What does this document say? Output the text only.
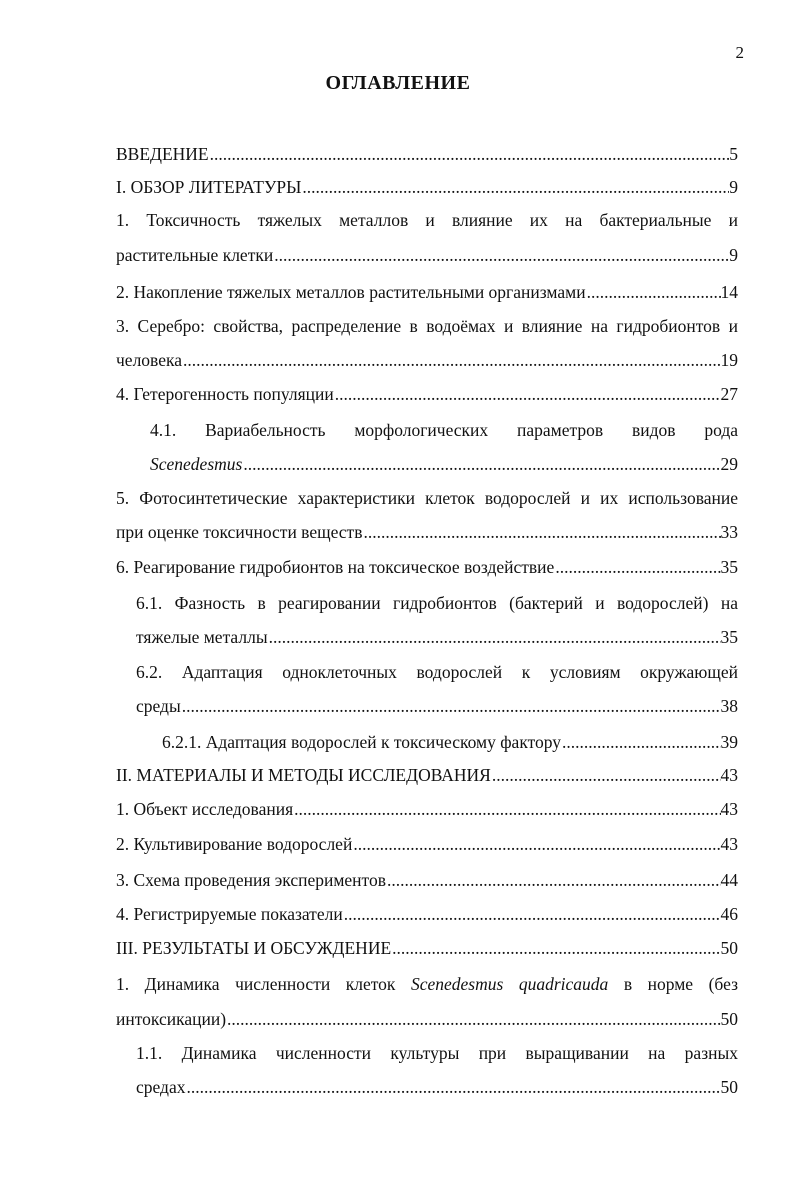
2
ОГЛАВЛЕНИЕ
ВВЕДЕНИЕ .....	5
I. ОБЗОР ЛИТЕРАТУРЫ .....	9
1. Токсичность тяжелых металлов и влияние их на бактериальные и
растительные клетки .....	9
2. Накопление тяжелых металлов растительными организмами .....	14
3. Серебро: свойства, распределение в водоёмах и влияние на гидробионтов и
человека .....	19
4. Гетерогенность популяции .....	27
4.1. Вариабельность морфологических параметров видов рода
Scenedesmus .....	29
5. Фотосинтетические характеристики клеток водорослей и их использование
при оценке токсичности веществ .....	33
6. Реагирование гидробионтов на токсическое воздействие .....	35
6.1. Фазность в реагировании гидробионтов (бактерий и водорослей) на
тяжелые металлы .....	35
6.2. Адаптация одноклеточных водорослей к условиям окружающей
среды .....	38
6.2.1. Адаптация водорослей к токсическому фактору .....	39
II. МАТЕРИАЛЫ И МЕТОДЫ ИССЛЕДОВАНИЯ .....	43
1. Объект исследования .....	43
2. Культивирование водорослей .....	43
3. Схема проведения экспериментов .....	44
4. Регистрируемые показатели .....	46
III. РЕЗУЛЬТАТЫ И ОБСУЖДЕНИЕ .....	50
1. Динамика численности клеток Scenedesmus quadricauda в норме (без
интоксикации) .....	50
1.1. Динамика численности культуры при выращивании на разных
средах .....	50
